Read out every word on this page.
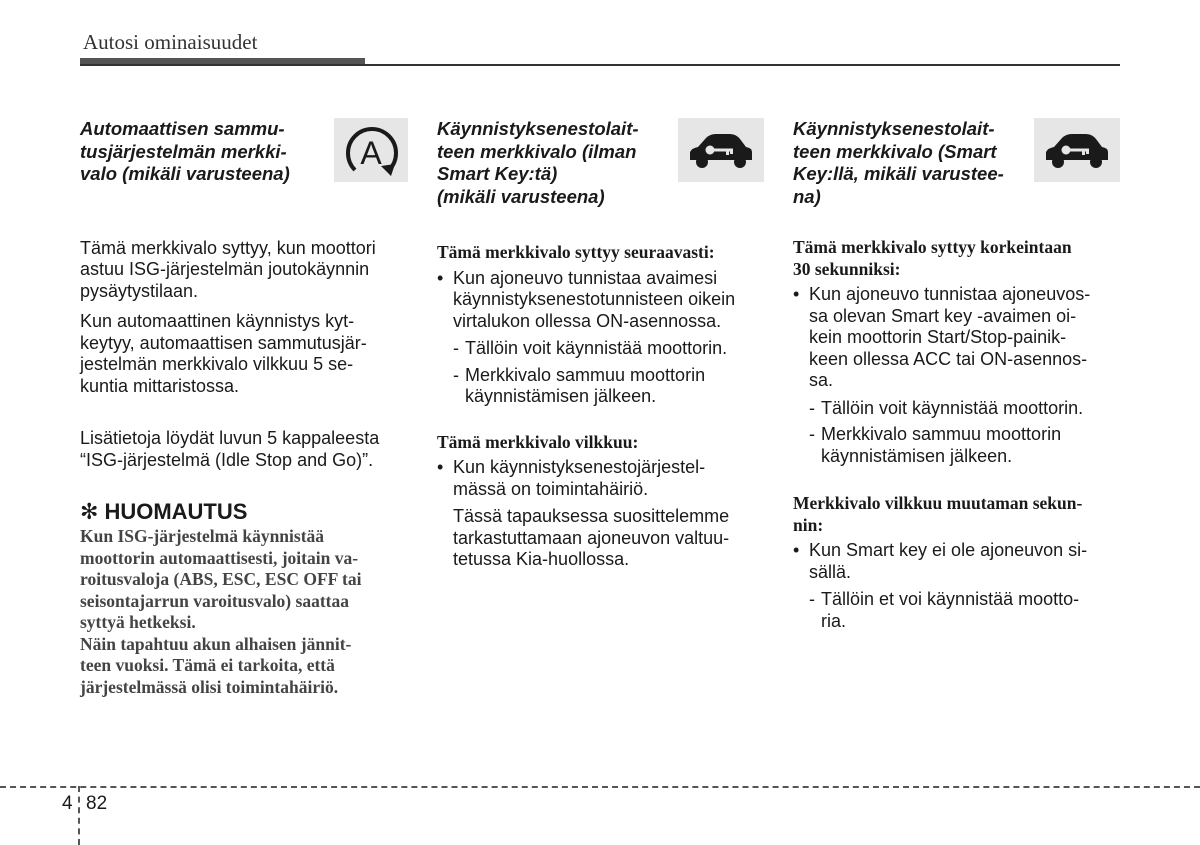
Autosi ominaisuudet
Automaattisen sammu-
tusjärjestelmän merkki-
valo (mikäli varusteena)
A

Tämä merkkivalo syttyy, kun moottori
astuu ISG-järjestelmän joutokäynnin
pysäytystilaan.

Kun automaattinen käynnistys kyt-
keytyy, automaattisen sammutusjär-
jestelmän merkkivalo vilkkuu 5 se-
kuntia mittaristossa.

Lisätietoja löydät luvun 5 kappaleesta
“ISG-järjestelmä (Idle Stop and Go)”.

✻ HUOMAUTUS

Kun ISG-järjestelmä käynnistää
moottorin automaattisesti, joitain va-
roitusvaloja (ABS, ESC, ESC OFF tai
seisontajarrun varoitusvalo) saattaa
syttyä hetkeksi.
Näin tapahtuu akun alhaisen jännit-
teen vuoksi. Tämä ei tarkoita, että
järjestelmässä olisi toimintahäiriö.

Käynnistyksenestolait-
teen merkkivalo (ilman
Smart Key:tä)
(mikäli varusteena)

Tämä merkkivalo syttyy seuraavasti:

• Kun ajoneuvo tunnistaa avaimesi
käynnistyksenestotunnisteen oikein
virtalukon ollessa ON-asennossa.

- Tällöin voit käynnistää moottorin.

- Merkkivalo sammuu moottorin
käynnistämisen jälkeen.

Tämä merkkivalo vilkkuu:

• Kun käynnistyksenestojärjestel-
mässä on toimintahäiriö.

Tässä tapauksessa suosittelemme
tarkastuttamaan ajoneuvon valtuu-
tetussa Kia-huollossa.

Käynnistyksenestolait-
teen merkkivalo (Smart
Key:llä, mikäli varustee-
na)

Tämä merkkivalo syttyy korkeintaan
30 sekunniksi:

• Kun ajoneuvo tunnistaa ajoneuvos-
sa olevan Smart key -avaimen oi-
kein moottorin Start/Stop-painik-
keen ollessa ACC tai ON-asennos-
sa.

- Tällöin voit käynnistää moottorin.

- Merkkivalo sammuu moottorin
käynnistämisen jälkeen.

Merkkivalo vilkkuu muutaman sekun-
nin:

• Kun Smart key ei ole ajoneuvon si-
sällä.

- Tällöin et voi käynnistää mootto-
ria.

4 82
